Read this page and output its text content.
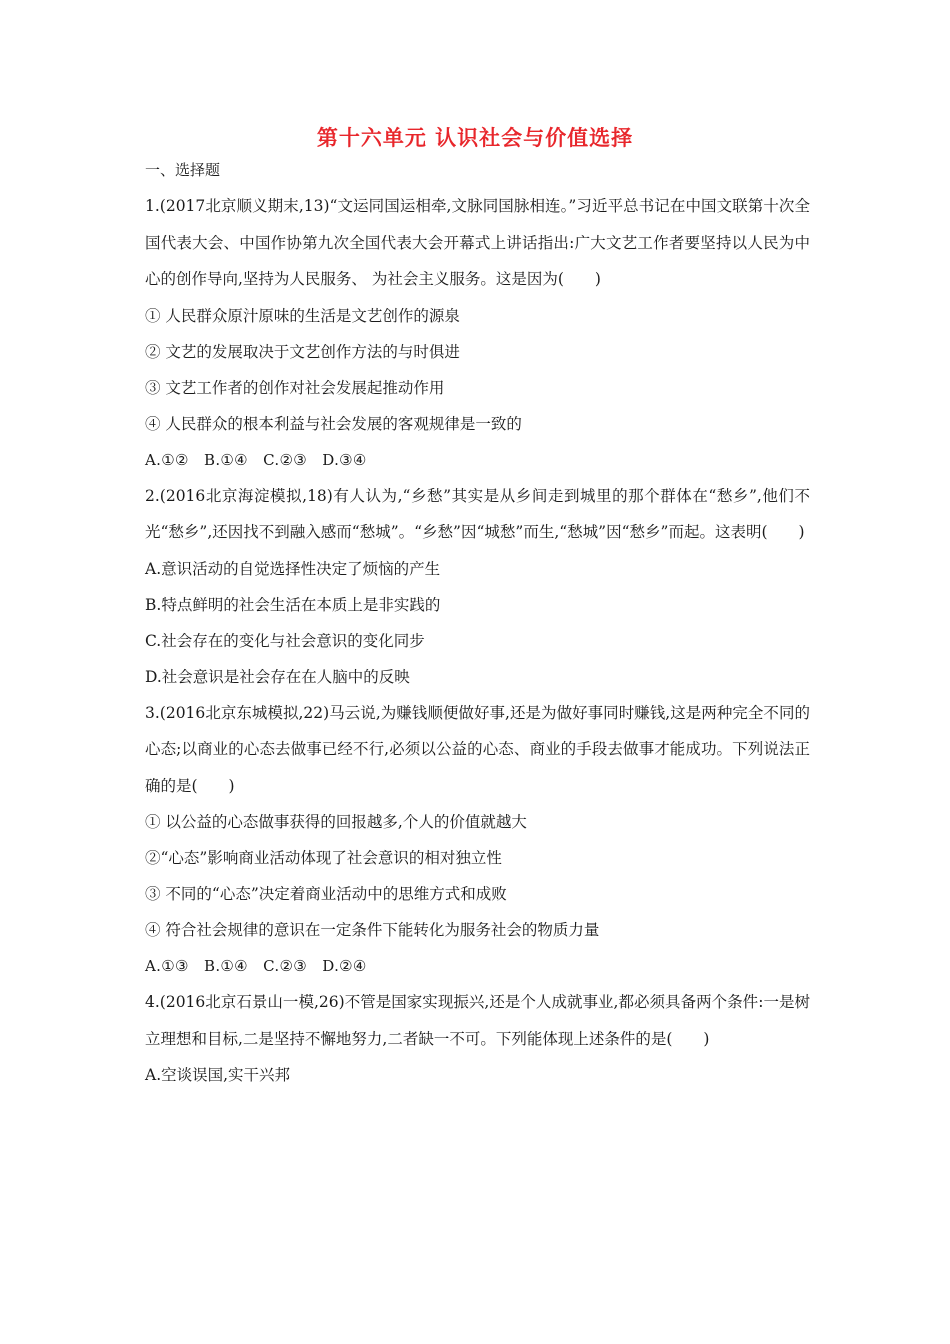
第十六单元 认识社会与价值选择
一、选择题

1.(2017北京顺义期末,13)“文运同国运相牵,文脉同国脉相连。”习近平总书记在中国文联第十次全国代表大会、中国作协第九次全国代表大会开幕式上讲话指出:广大文艺工作者要坚持以人民为中心的创作导向,坚持为人民服务、 为社会主义服务。这是因为(　　)

① 人民群众原汁原味的生活是文艺创作的源泉

② 文艺的发展取决于文艺创作方法的与时俱进

③ 文艺工作者的创作对社会发展起推动作用

④ 人民群众的根本利益与社会发展的客观规律是一致的

A.①②　B.①④　C.②③　D.③④

2.(2016北京海淀模拟,18)有人认为,“乡愁”其实是从乡间走到城里的那个群体在“愁乡”,他们不光“愁乡”,还因找不到融入感而“愁城”。“乡愁”因“城愁”而生,“愁城”因“愁乡”而起。这表明(　　)

A.意识活动的自觉选择性决定了烦恼的产生

B.特点鲜明的社会生活在本质上是非实践的

C.社会存在的变化与社会意识的变化同步

D.社会意识是社会存在在人脑中的反映

3.(2016北京东城模拟,22)马云说,为赚钱顺便做好事,还是为做好事同时赚钱,这是两种完全不同的心态;以商业的心态去做事已经不行,必须以公益的心态、商业的手段去做事才能成功。下列说法正确的是(　　)

① 以公益的心态做事获得的回报越多,个人的价值就越大

②“心态”影响商业活动体现了社会意识的相对独立性

③ 不同的“心态”决定着商业活动中的思维方式和成败

④ 符合社会规律的意识在一定条件下能转化为服务社会的物质力量

A.①③　B.①④　C.②③　D.②④

4.(2016北京石景山一模,26)不管是国家实现振兴,还是个人成就事业,都必须具备两个条件:一是树立理想和目标,二是坚持不懈地努力,二者缺一不可。下列能体现上述条件的是(　　)

A.空谈误国,实干兴邦
